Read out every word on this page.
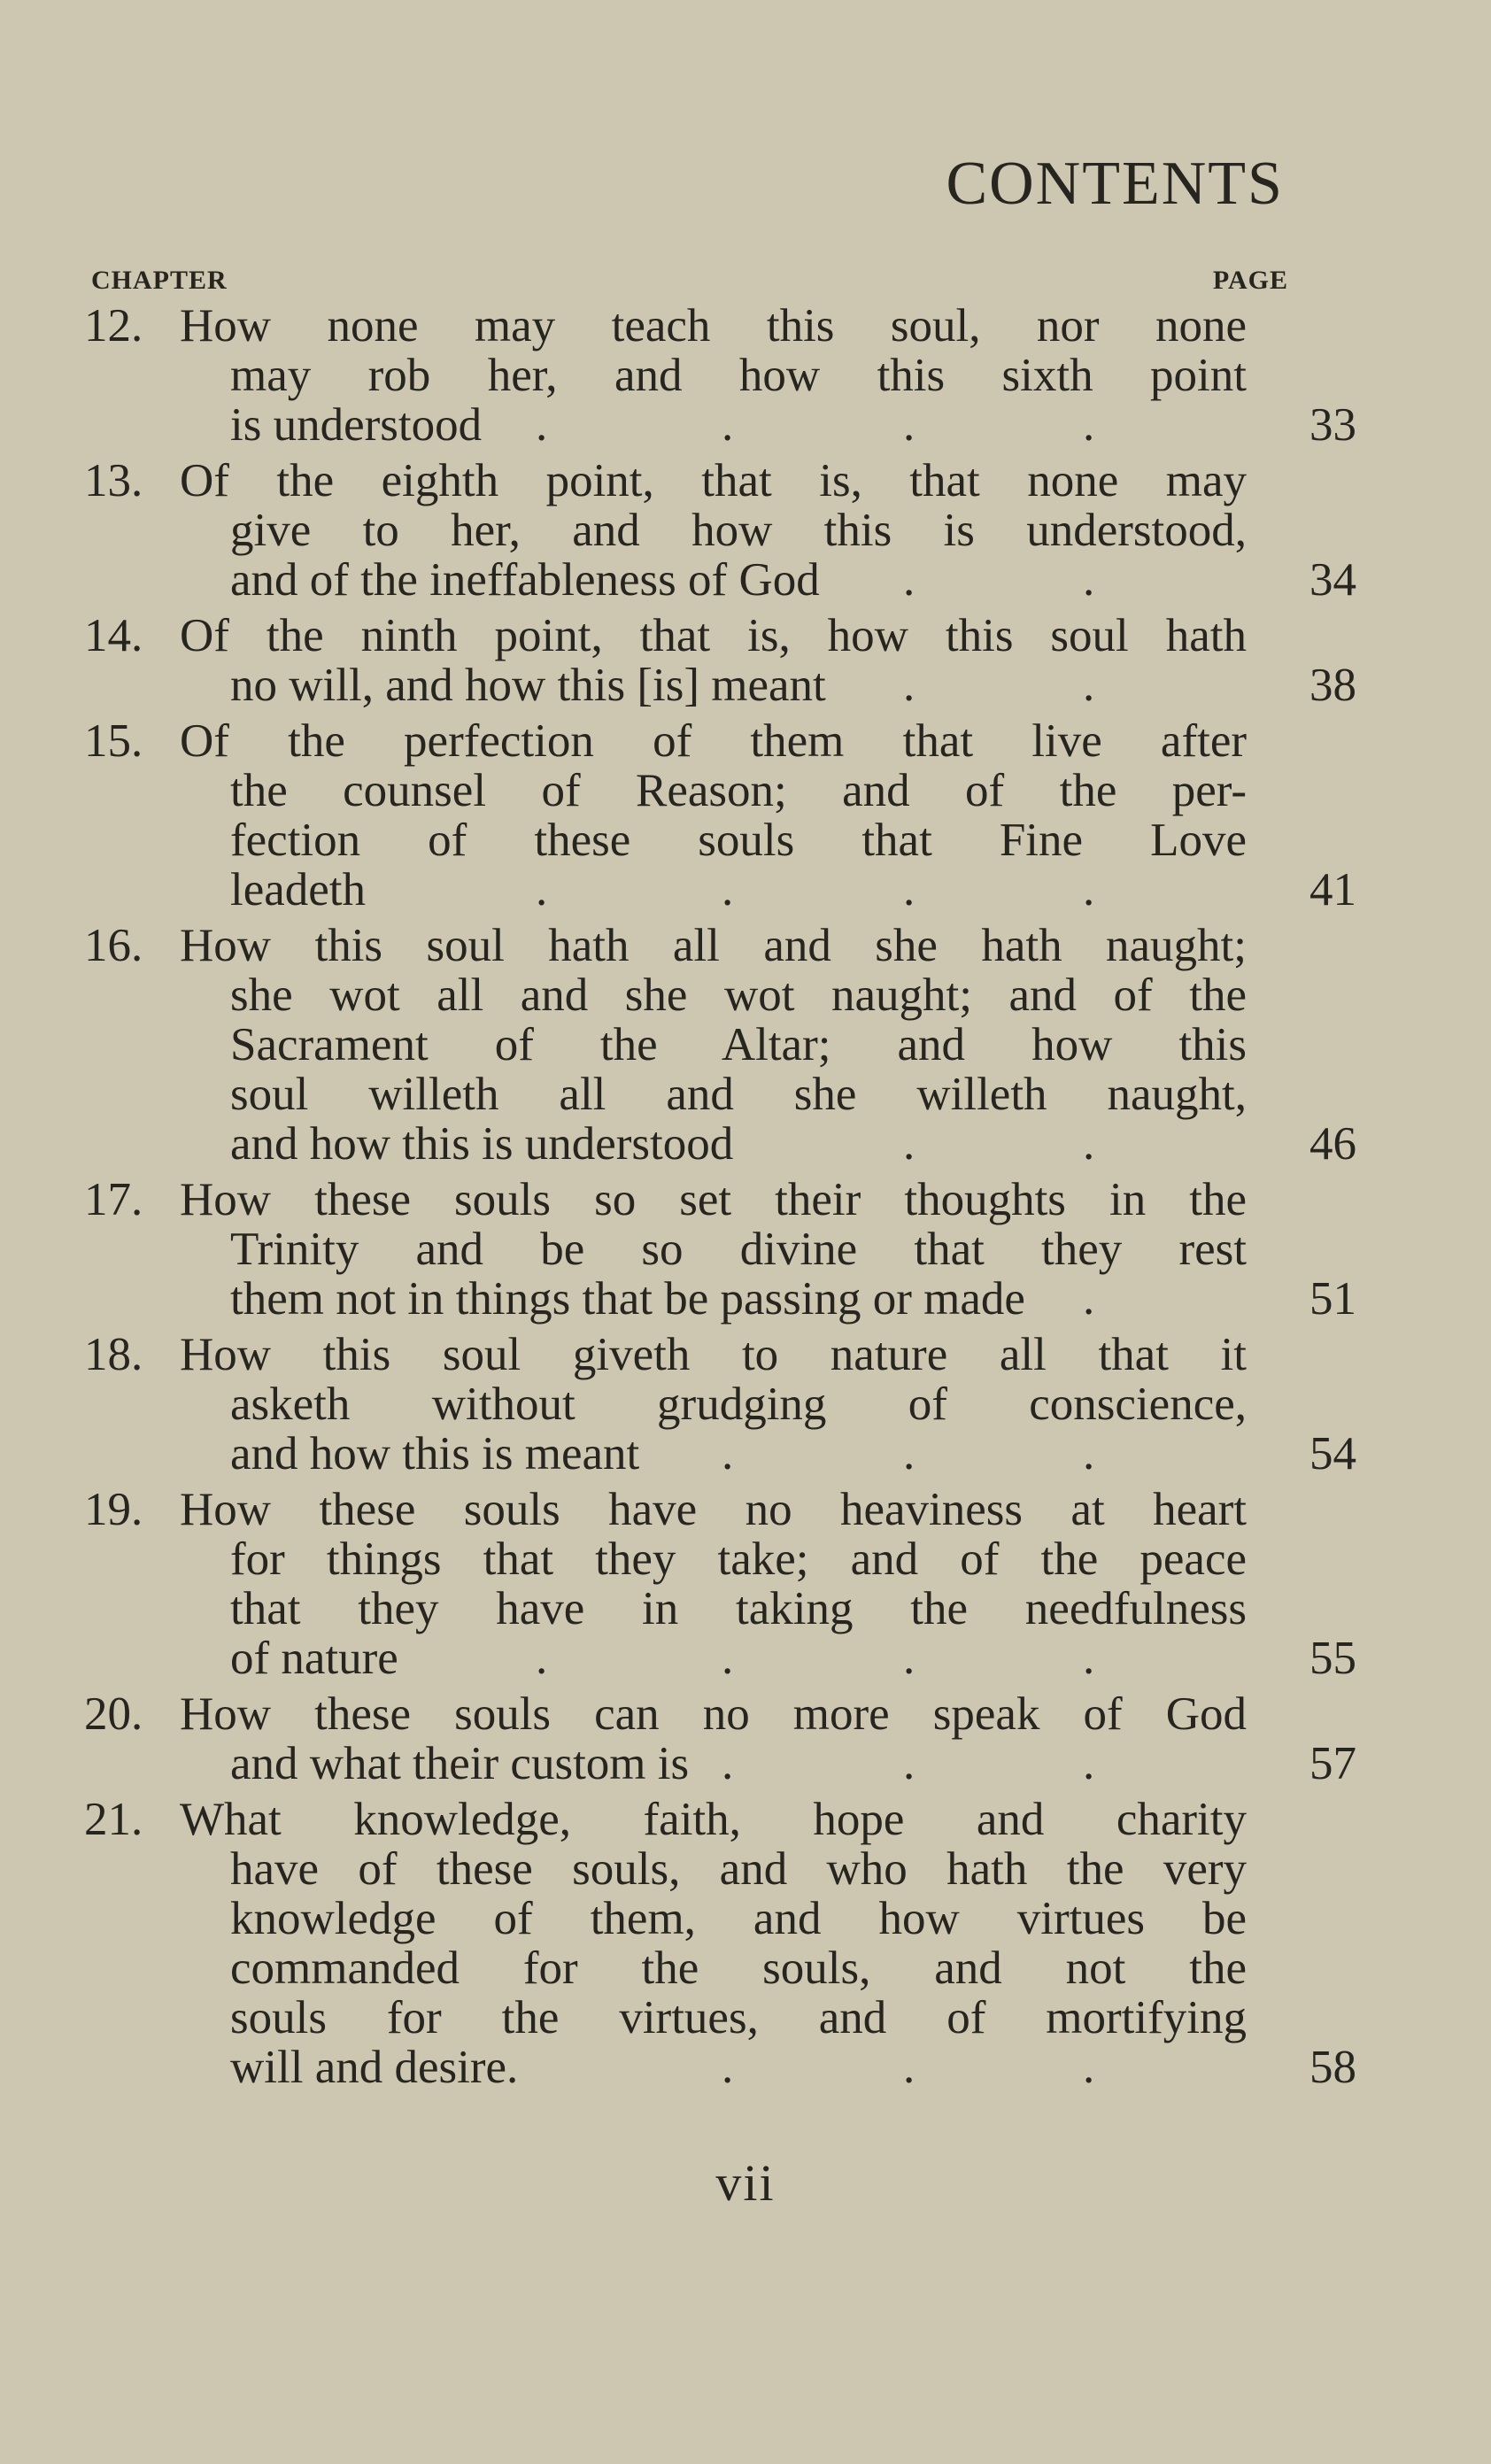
CONTENTS
CHAPTER	PAGE
12. How none may teach this soul, nor none
may rob her, and how this sixth point
is understood	.	.	.	.	33
13. Of the eighth point, that is, that none may
give to her, and how this is understood,
and of the ineffableness of God	.	.	34
14. Of the ninth point, that is, how this soul hath
no will, and how this [is] meant	.	.	38
15. Of the perfection of them that live after
the counsel of Reason; and of the per-
fection of these souls that Fine Love
leadeth	.	.	.	.	41
16. How this soul hath all and she hath naught;
she wot all and she wot naught; and of the
Sacrament of the Altar; and how this
soul willeth all and she willeth naught,
and how this is understood	.	.	46
17. How these souls so set their thoughts in the
Trinity and be so divine that they rest
them not in things that be passing or made	.	51
18. How this soul giveth to nature all that it
asketh without grudging of conscience,
and how this is meant	.	.	.	54
19. How these souls have no heaviness at heart
for things that they take; and of the peace
that they have in taking the needfulness
of nature	.	.	.	.	55
20. How these souls can no more speak of God
and what their custom is .	.	.	57
21. What knowledge, faith, hope and charity
have of these souls, and who hath the very
knowledge of them, and how virtues be
commanded for the souls, and not the
souls for the virtues, and of mortifying
will and desire.	.	.	.	58
vii
